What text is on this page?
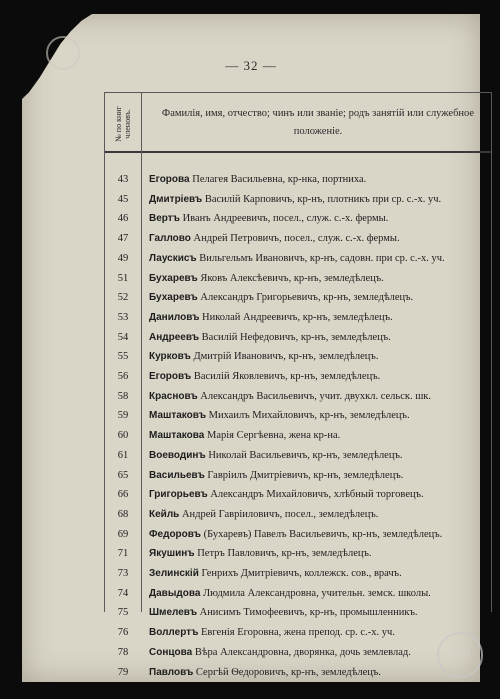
— 32 —
№ по книг членовъ.	Фамилія, имя, отчество; чинъ или званіе; родъ занятій или служебное положеніе.
43	Егорова Пелагея Васильевна, кр-нка, портниха.
45	Дмитріевъ Василій Карповичъ, кр-нъ, плотникъ при ср. с.-х. уч.
46	Вертъ Иванъ Андреевичъ, посел., служ. с.-х. фермы.
47	Галлово Андрей Петровичъ, посел., служ. с.-х. фермы.
49	Лаускисъ Вильгельмъ Ивановичъ, кр-нъ, садовн. при ср. с.-х. уч.
51	Бухаревъ Яковъ Алексѣевичъ, кр-нъ, земледѣлецъ.
52	Бухаревъ Александръ Григорьевичъ, кр-нъ, земледѣлецъ.
53	Даниловъ Николай Андреевичъ, кр-нъ, земледѣлецъ.
54	Андреевъ Василій Нефедовичъ, кр-нъ, земледѣлецъ.
55	Курковъ Дмитрій Ивановичъ, кр-нъ, земледѣлецъ.
56	Егоровъ Василій Яковлевичъ, кр-нъ, земледѣлецъ.
58	Красновъ Александръ Васильевичъ, учит. двухкл. сельск. шк.
59	Маштаковъ Михаилъ Михайловичъ, кр-нъ, земледѣлецъ.
60	Маштакова Марія Сергѣевна, жена кр-на.
61	Воеводинъ Николай Васильевичъ, кр-нъ, земледѣлецъ.
65	Васильевъ Гавріилъ Дмитріевичъ, кр-нъ, земледѣлецъ.
66	Григорьевъ Александръ Михайловичъ, хлѣбный торговецъ.
68	Кейль Андрей Гавріиловичъ, посел., земледѣлецъ.
69	Федоровъ (Бухаревъ) Павелъ Васильевичъ, кр-нъ, земледѣлецъ.
71	Якушинъ Петръ Павловичъ, кр-нъ, земледѣлецъ.
73	Зелинскій Генрихъ Дмитріевичъ, коллежск. сов., врачъ.
74	Давыдова Людмила Александровна, учительн. земск. школы.
75	Шмелевъ Анисимъ Тимофеевичъ, кр-нъ, промышленникъ.
76	Воллертъ Евгенія Егоровна, жена препод. ср. с.-х. уч.
78	Сонцова Вѣра Александровна, дворянка, дочь землевлад.
79	Павловъ Сергѣй Ѳедоровичъ, кр-нъ, земледѣлецъ.
ГАСО
